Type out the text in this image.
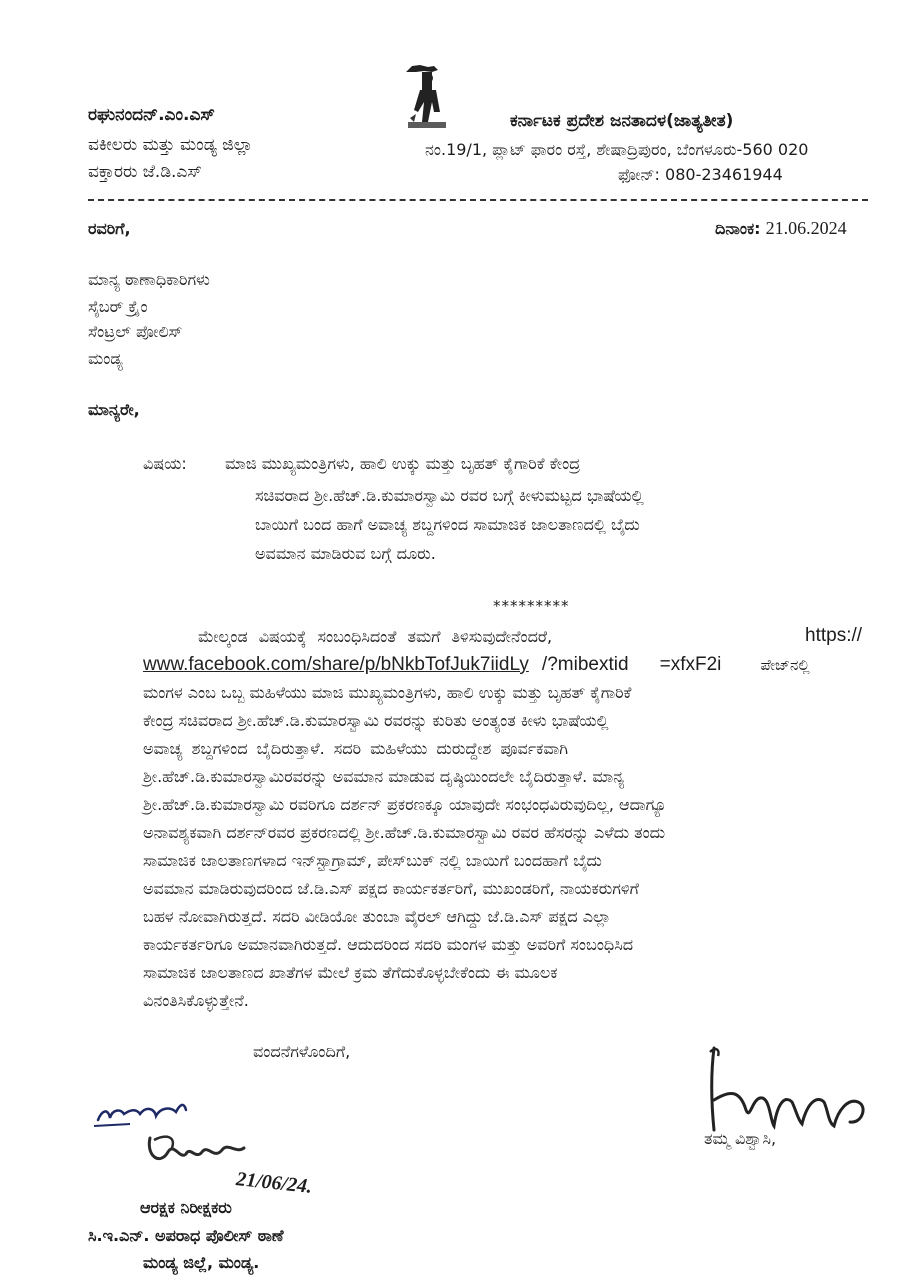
ರಘುನಂದನ್.ಎಂ.ಎಸ್
ವಕೀಲರು ಮತ್ತು ಮಂಡ್ಯ ಜಿಲ್ಲಾ
ವಕ್ತಾರರು ಜೆ.ಡಿ.ಎಸ್
ಕರ್ನಾಟಕ ಪ್ರದೇಶ ಜನತಾದಳ(ಜಾತ್ಯತೀತ)
ನಂ.19/1, ಪ್ಲಾಟ್ ಫಾರಂ ರಸ್ತೆ, ಶೇಷಾದ್ರಿಪುರಂ, ಬೆಂಗಳೂರು-560 020
ಫೋನ್: 080-23461944
ರವರಿಗೆ,	ದಿನಾಂಕ: 21.06.2024
ಮಾನ್ಯ ಠಾಣಾಧಿಕಾರಿಗಳು
ಸೈಬರ್ ಕ್ರೈಂ
ಸೆಂಟ್ರಲ್ ಪೋಲಿಸ್
ಮಂಡ್ಯ
ಮಾನ್ಯರೇ,
ವಿಷಯ: ಮಾಜಿ ಮುಖ್ಯಮಂತ್ರಿಗಳು, ಹಾಲಿ ಉಕ್ಕು ಮತ್ತು ಬೃಹತ್ ಕೈಗಾರಿಕೆ ಕೇಂದ್ರ
ಸಚಿವರಾದ ಶ್ರೀ.ಹೆಚ್.ಡಿ.ಕುಮಾರಸ್ವಾಮಿ ರವರ ಬಗ್ಗೆ ಕೀಳುಮಟ್ಟದ ಭಾಷೆಯಲ್ಲಿ
ಬಾಯಿಗೆ ಬಂದ ಹಾಗೆ ಅವಾಚ್ಯ ಶಬ್ದಗಳಿಂದ ಸಾಮಾಜಿಕ ಜಾಲತಾಣದಲ್ಲಿ ಬೈದು
ಅವಮಾನ ಮಾಡಿರುವ ಬಗ್ಗೆ ದೂರು.
*********
ಮೇಲ್ಕಂಡ ವಿಷಯಕ್ಕೆ ಸಂಬಂಧಿಸಿದಂತೆ ತಮಗೆ ತಿಳಿಸುವುದೇನೆಂದರೆ,	https://
www.facebook.com/share/p/bNkbTofJuk7iidLy /?mibextid =xfxF2i	ಪೇಜ್‌ನಲ್ಲಿ
ಮಂಗಳ ಎಂಬ ಒಬ್ಬ ಮಹಿಳೆಯು ಮಾಜಿ ಮುಖ್ಯಮಂತ್ರಿಗಳು, ಹಾಲಿ ಉಕ್ಕು ಮತ್ತು ಬೃಹತ್ ಕೈಗಾರಿಕೆ
ಕೇಂದ್ರ ಸಚಿವರಾದ ಶ್ರೀ.ಹೆಚ್.ಡಿ.ಕುಮಾರಸ್ವಾಮಿ ರವರನ್ನು ಕುರಿತು ಅಂತ್ಯಂತ ಕೀಳು ಭಾಷೆಯಲ್ಲಿ
ಅವಾಚ್ಯ ಶಬ್ದಗಳಿಂದ ಬೈದಿರುತ್ತಾಳೆ. ಸದರಿ ಮಹಿಳೆಯು ದುರುದ್ದೇಶ ಪೂರ್ವಕವಾಗಿ
ಶ್ರೀ.ಹೆಚ್.ಡಿ.ಕುಮಾರಸ್ವಾಮಿರವರನ್ನು ಅವಮಾನ ಮಾಡುವ ದೃಷ್ಠಿಯಿಂದಲೇ ಬೈದಿರುತ್ತಾಳೆ. ಮಾನ್ಯ
ಶ್ರೀ.ಹೆಚ್.ಡಿ.ಕುಮಾರಸ್ವಾಮಿ ರವರಿಗೂ ದರ್ಶನ್ ಪ್ರಕರಣಕ್ಕೂ ಯಾವುದೇ ಸಂಭಂಧವಿರುವುದಿಲ್ಲ, ಆದಾಗ್ಯೂ
ಅನಾವಶ್ಯಕವಾಗಿ ದರ್ಶನ್‌ರವರ ಪ್ರಕರಣದಲ್ಲಿ ಶ್ರೀ.ಹೆಚ್.ಡಿ.ಕುಮಾರಸ್ವಾಮಿ ರವರ ಹೆಸರನ್ನು ಎಳೆದು ತಂದು
ಸಾಮಾಜಿಕ ಜಾಲತಾಣಗಳಾದ ಇನ್‌ಸ್ಟಾಗ್ರಾಮ್, ಪೇಸ್‌ಬುಕ್ ನಲ್ಲಿ ಬಾಯಿಗೆ ಬಂದಹಾಗೆ ಬೈದು
ಅವಮಾನ ಮಾಡಿರುವುದರಿಂದ ಜೆ.ಡಿ.ಎಸ್ ಪಕ್ಷದ ಕಾರ್ಯಕರ್ತರಿಗೆ, ಮುಖಂಡರಿಗೆ, ನಾಯಕರುಗಳಿಗೆ
ಬಹಳ ನೋವಾಗಿರುತ್ತದೆ. ಸದರಿ ವೀಡಿಯೋ ತುಂಬಾ ವೈರಲ್ ಆಗಿದ್ದು ಜೆ.ಡಿ.ಎಸ್ ಪಕ್ಷದ ಎಲ್ಲಾ
ಕಾರ್ಯಕರ್ತರಿಗೂ ಅಮಾನವಾಗಿರುತ್ತದೆ. ಆದುದರಿಂದ ಸದರಿ ಮಂಗಳ ಮತ್ತು ಅವರಿಗೆ ಸಂಬಂಧಿಸಿದ
ಸಾಮಾಜಿಕ ಜಾಲತಾಣದ ಖಾತೆಗಳ ಮೇಲೆ ಕ್ರಮ ತೆಗೆದುಕೊಳ್ಳಬೇಕೆಂದು ಈ ಮೂಲಕ
ವಿನಂತಿಸಿಕೊಳ್ಳುತ್ತೇನೆ.
ವಂದನೆಗಳೊಂದಿಗೆ,
ತಮ್ಮ ವಿಶ್ವಾಸಿ,
21/06/24.
ಆರಕ್ಷಕ ನಿರೀಕ್ಷಕರು
ಸಿ.ಇ.ಎನ್. ಅಪರಾಧ ಪೊಲೀಸ್ ಠಾಣೆ
ಮಂಡ್ಯ ಜಿಲ್ಲೆ, ಮಂಡ್ಯ.
